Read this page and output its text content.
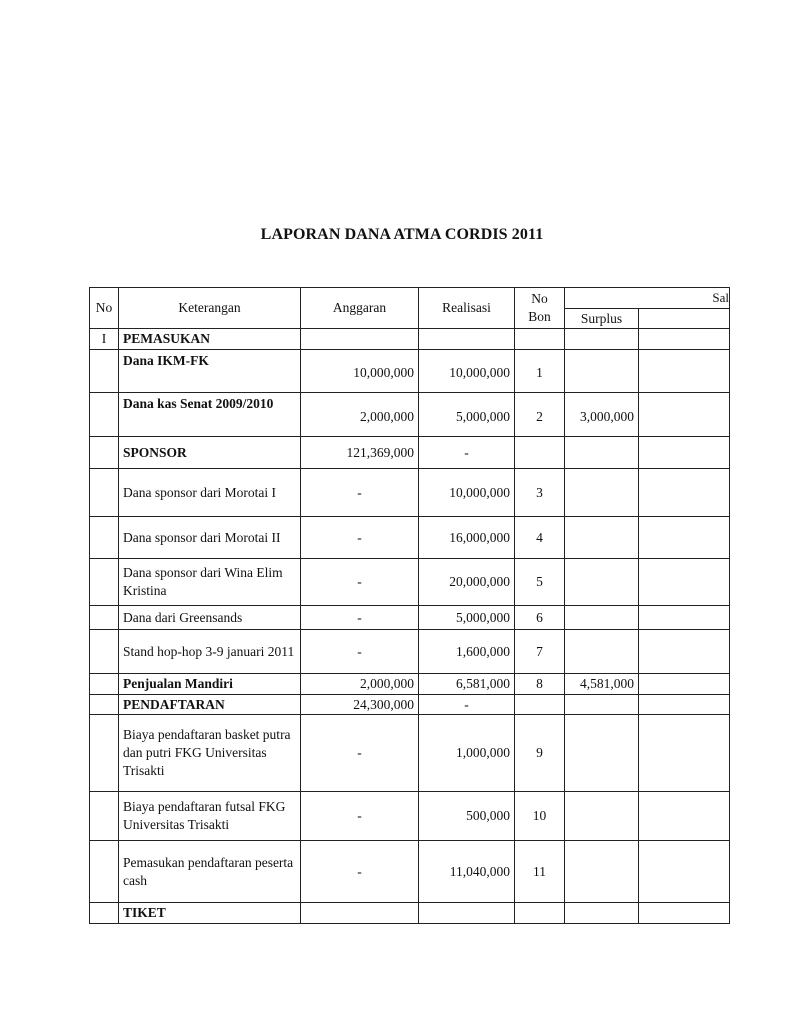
LAPORAN DANA ATMA CORDIS 2011
No	Keterangan	Anggaran	Realisasi	No Bon	Sal	
					Surplus	
I	PEMASUKAN					
	Dana IKM-FK	10,000,000	10,000,000	1		
	Dana kas Senat 2009/2010	2,000,000	5,000,000	2	3,000,000	
	SPONSOR	121,369,000	-			
	Dana sponsor dari Morotai I	-	10,000,000	3		
	Dana sponsor dari Morotai II	-	16,000,000	4		
	Dana sponsor dari Wina Elim Kristina	-	20,000,000	5		
	Dana dari Greensands	-	5,000,000	6		
	Stand hop-hop 3-9 januari 2011	-	1,600,000	7		
	Penjualan Mandiri	2,000,000	6,581,000	8	4,581,000	
	PENDAFTARAN	24,300,000	-			
	Biaya pendaftaran basket putra dan putri FKG Universitas Trisakti	-	1,000,000	9		
	Biaya pendaftaran futsal FKG Universitas Trisakti	-	500,000	10		
	Pemasukan pendaftaran peserta cash	-	11,040,000	11		
	TIKET					
